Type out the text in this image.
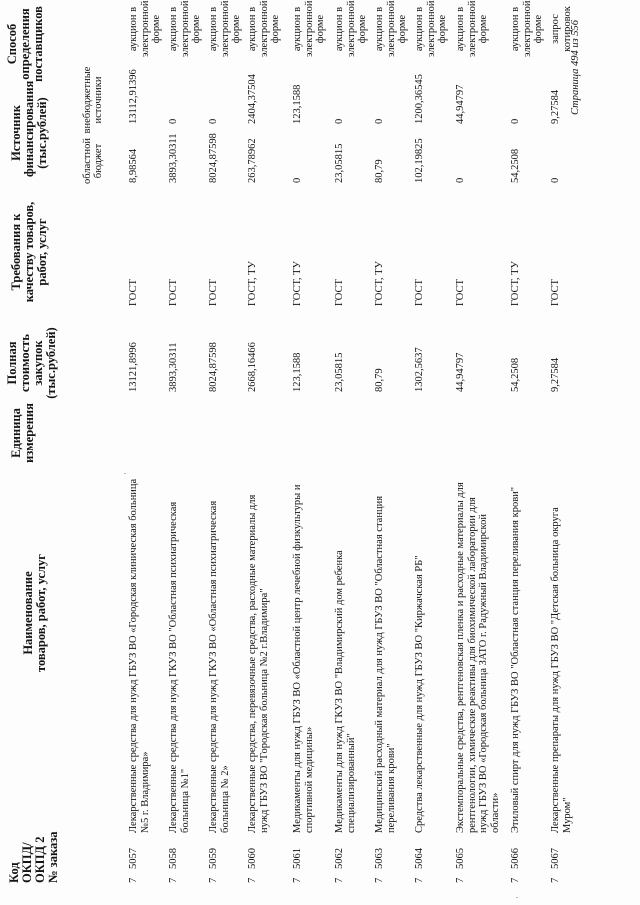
Код ОКПД/ ОКПД 2 № заказа
Наименование товаров, работ, услуг
Единица измерения
Полная стоимость закупок (тыс.рублей)
Требования к качеству товаров, работ, услуг
Источник финансирования (тыс.рублей)	областной бюджет
внебюджетные источники
Способ определения поставщиков
7
5057
Лекарственные средства для нужд ГБУЗ ВО «Городская клиническая больница №5 г. Владимира»
13121,8996
ГОСТ
8,98564
13112,91396
аукцион в электронной форме
7
5058
Лекарственные средства для нужд ГКУЗ ВО "Областная психиатрическая больница №1"
3893,30311
ГОСТ
3893,30311
0
аукцион в электронной форме
7
5059
Лекарственные средства для нужд ГКУЗ ВО «Областная психиатрическая больница № 2»
8024,87598
ГОСТ
8024,87598
0
аукцион в электронной форме
7
5060
Лекарственные средства, перевязочные средства, расходные материалы для нужд ГБУЗ ВО "Городская больница №2 г.Владимира"
2668,16466
ГОСТ, ТУ
263,78962
2404,37504
аукцион в электронной форме
7
5061
Медикаменты для нужд ГБУЗ ВО «Областной центр лечебной физкультуры и спортивной медицины»
123,1588
ГОСТ, ТУ
0
123,1588
аукцион в электронной форме
7
5062
Медикаменты для нужд ГКУЗ ВО "Владимирский дом ребенка специализированный"
23,05815
ГОСТ
23,05815
0
аукцион в электронной форме
7
5063
Медицинский расходный материал для нужд ГБУЗ ВО "Областная станция переливания крови"
80,79
ГОСТ, ТУ
80,79
0
аукцион в электронной форме
7
5064
Средства лекарственные для нужд ГБУЗ ВО "Киржачская РБ"
1302,5637
ГОСТ
102,19825
1200,36545
аукцион в электронной форме
7
5065
Экстемпоральные средства, рентгеновская пленка и расходные материалы для рентгенологии, химические реактивы для биохимической лаборатории для нужд ГБУЗ ВО «Городская больница ЗАТО г. Радужный Владимирской области»
44,94797
ГОСТ
0
44,94797
аукцион в электронной форме
7
5066
Этиловый спирт для нужд ГБУЗ ВО "Областная станция переливания крови"
54,2508
ГОСТ, ТУ
54,2508
0
аукцион в электронной форме
7
5067
Лекарственные препараты для нужд ГБУЗ ВО "Детская больница округа Муром"
9,27584
ГОСТ
0
9,27584
запрос котировок
Страница 494 из 556
·
·
